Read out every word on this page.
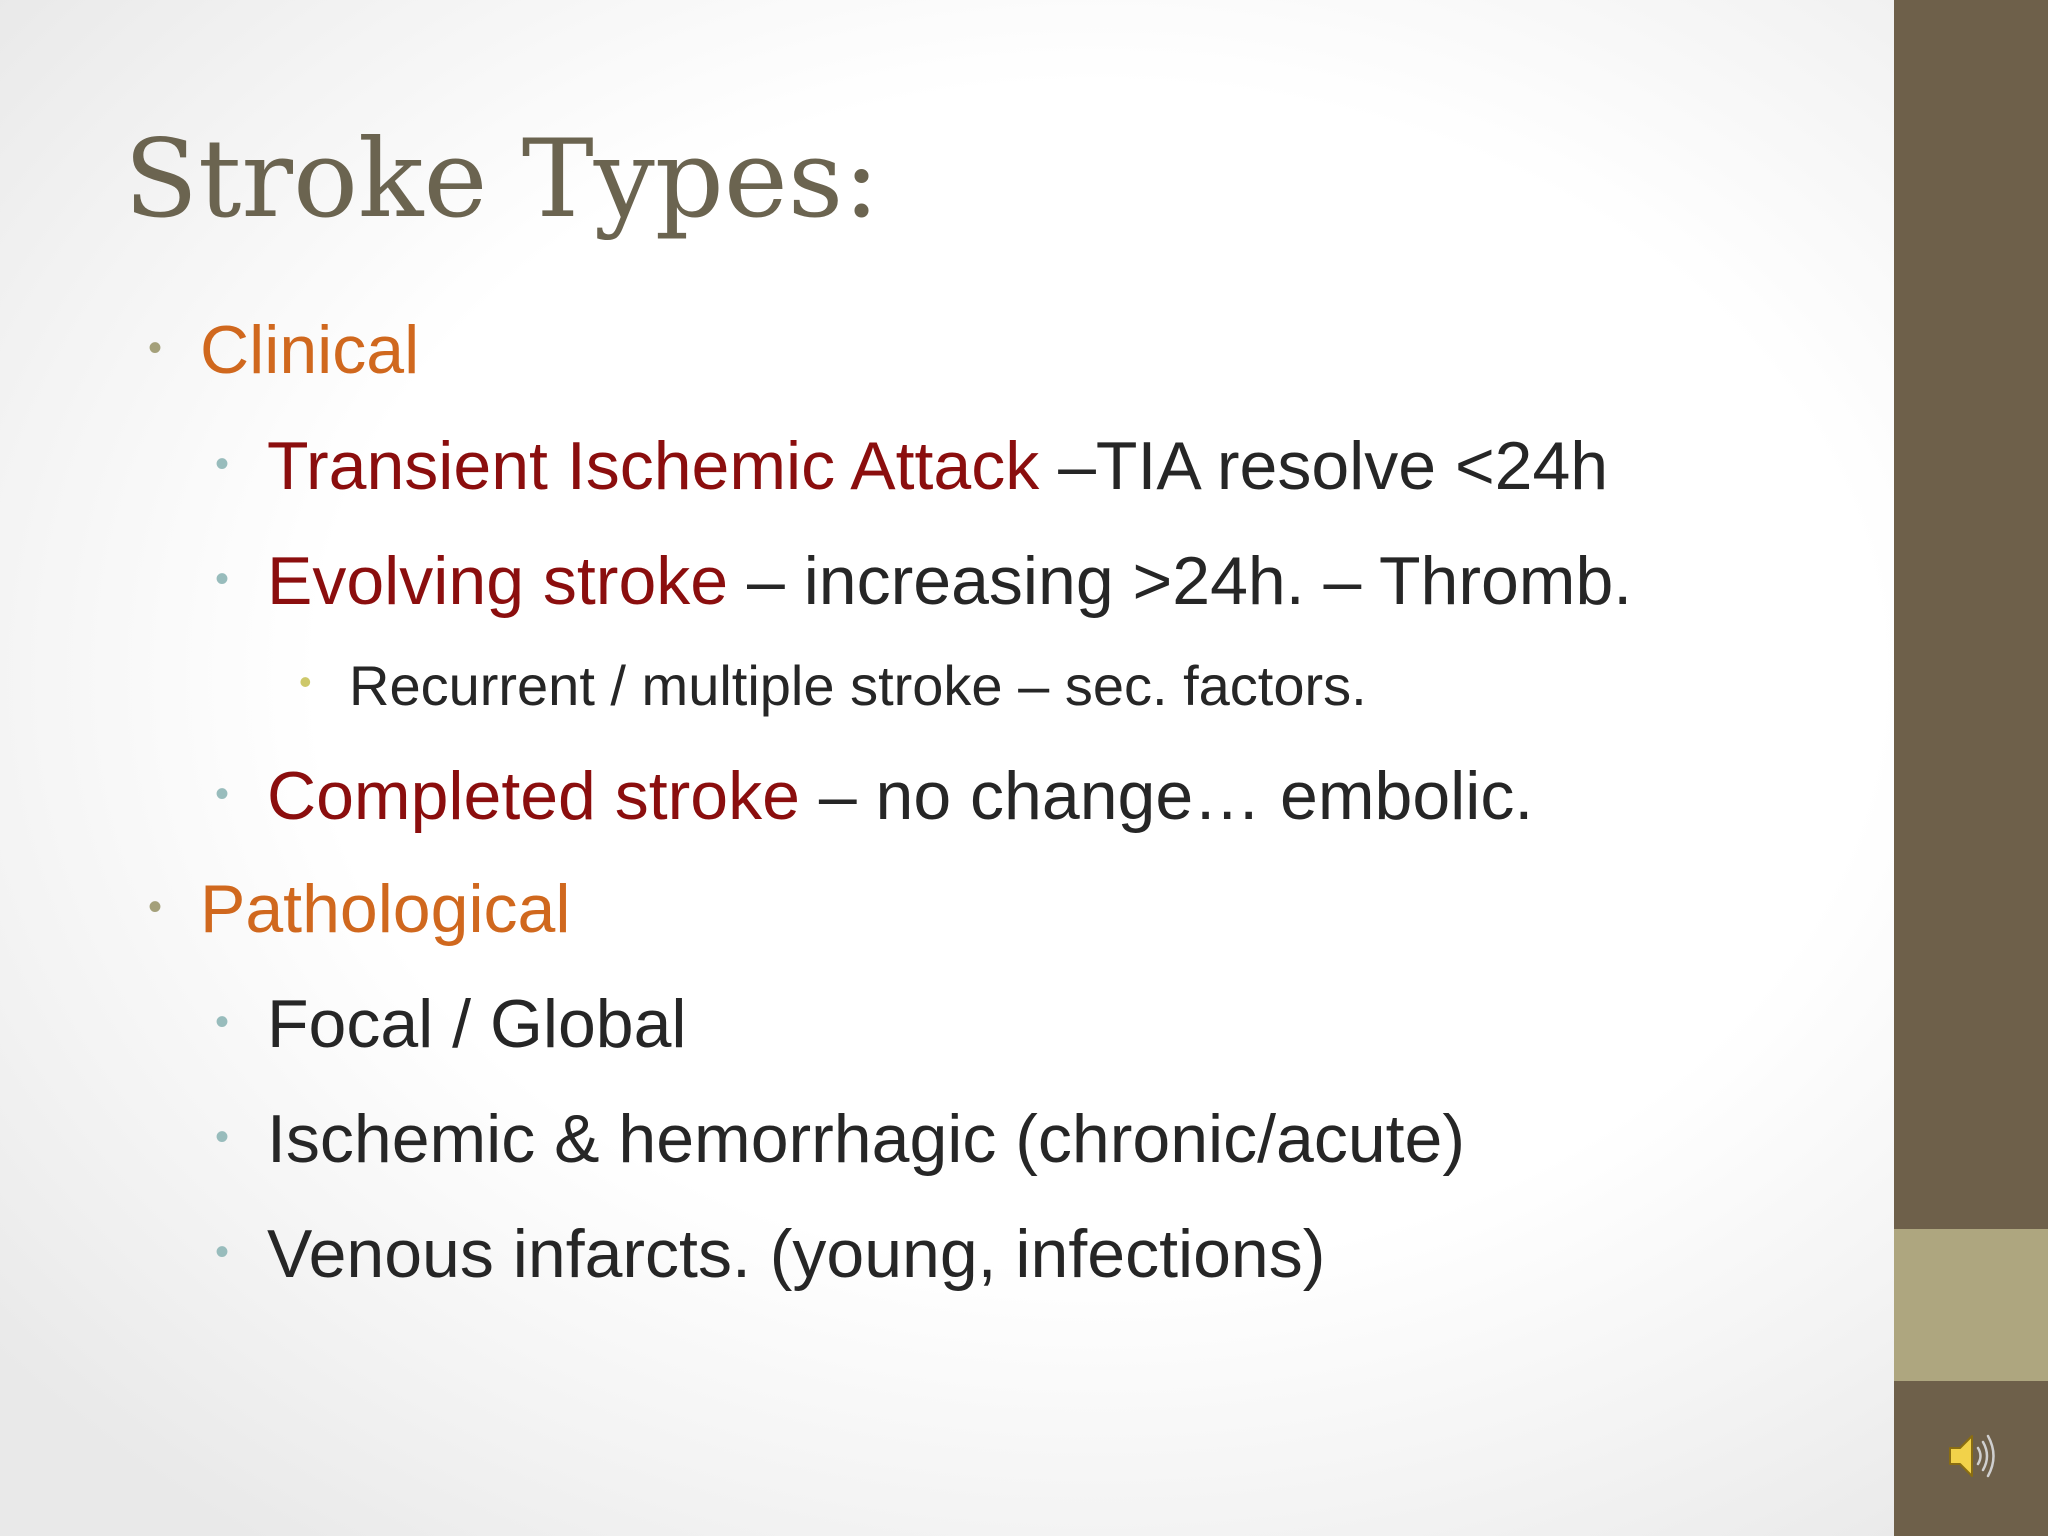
Stroke Types:
• Clinical
• Transient Ischemic Attack –TIA resolve <24h
• Evolving stroke – increasing >24h. – Thromb.
• Recurrent / multiple stroke – sec. factors.
• Completed stroke – no change… embolic.
• Pathological
• Focal / Global
• Ischemic & hemorrhagic (chronic/acute)
• Venous infarcts. (young, infections)
